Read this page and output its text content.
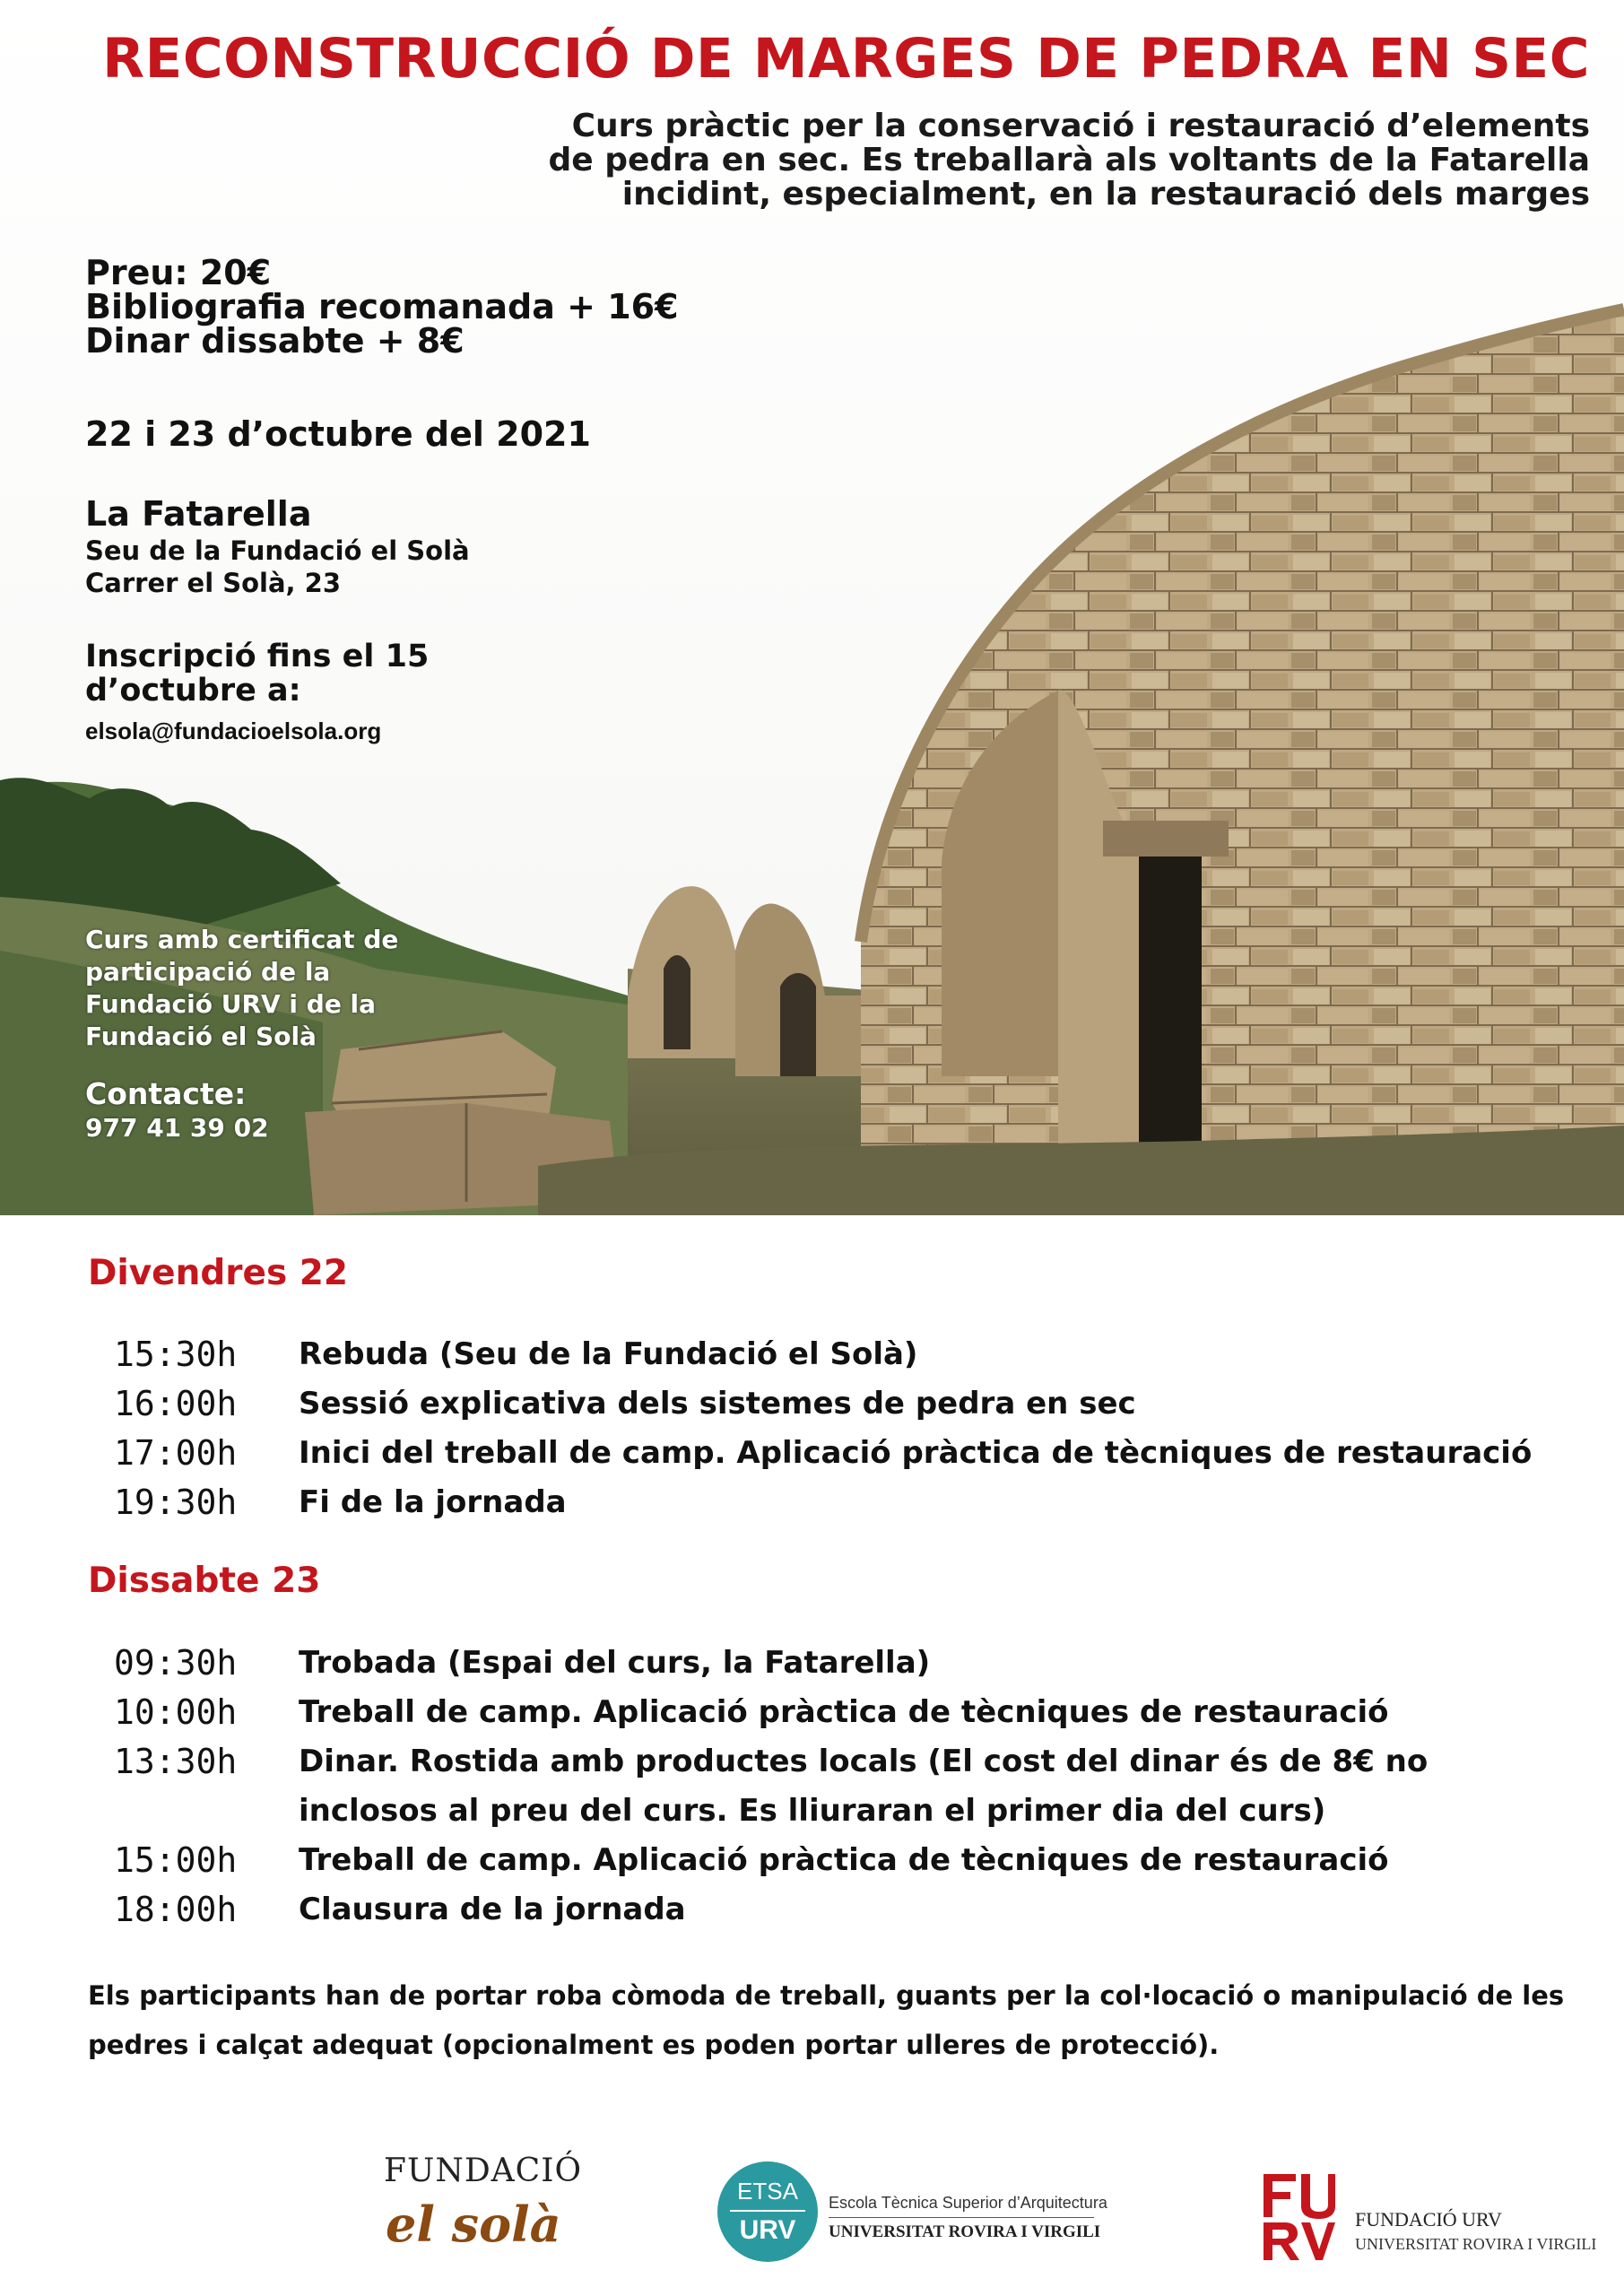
RECONSTRUCCIÓ DE MARGES DE PEDRA EN SEC
Curs pràctic per la conservació i restauració d’elements
de pedra en sec. Es treballarà als voltants de la Fatarella
incidint, especialment, en la restauració dels marges
Preu: 20€
Bibliografia recomanada + 16€
Dinar dissabte + 8€
22 i 23 d’octubre del 2021
La Fatarella
Seu de la Fundació el Solà
Carrer el Solà, 23
Inscripció fins el 15
d’octubre a:
elsola@fundacioelsola.org
Curs amb certificat de
participació de la
Fundació URV i de la
Fundació el Solà
Contacte:
977 41 39 02
Divendres 22
15:30h Rebuda (Seu de la Fundació el Solà)
16:00h Sessió explicativa dels sistemes de pedra en sec
17:00h Inici del treball de camp. Aplicació pràctica de tècniques de restauració
19:30h Fi de la jornada
Dissabte 23
09:30h Trobada (Espai del curs, la Fatarella)
10:00h Treball de camp. Aplicació pràctica de tècniques de restauració
13:30h Dinar. Rostida amb productes locals (El cost del dinar és de 8€ no inclosos al preu del curs. Es lliuraran el primer dia del curs)
15:00h Treball de camp. Aplicació pràctica de tècniques de restauració
18:00h Clausura de la jornada
Els participants han de portar roba còmoda de treball, guants per la col·locació o manipulació de les pedres i calçat adequat (opcionalment es poden portar ulleres de protecció).
FUNDACIÓ
el solà
ETSA
URV
Escola Tècnica Superior d’Arquitectura
UNIVERSITAT ROVIRA I VIRGILI
FUNDACIÓ URV
UNIVERSITAT ROVIRA I VIRGILI
